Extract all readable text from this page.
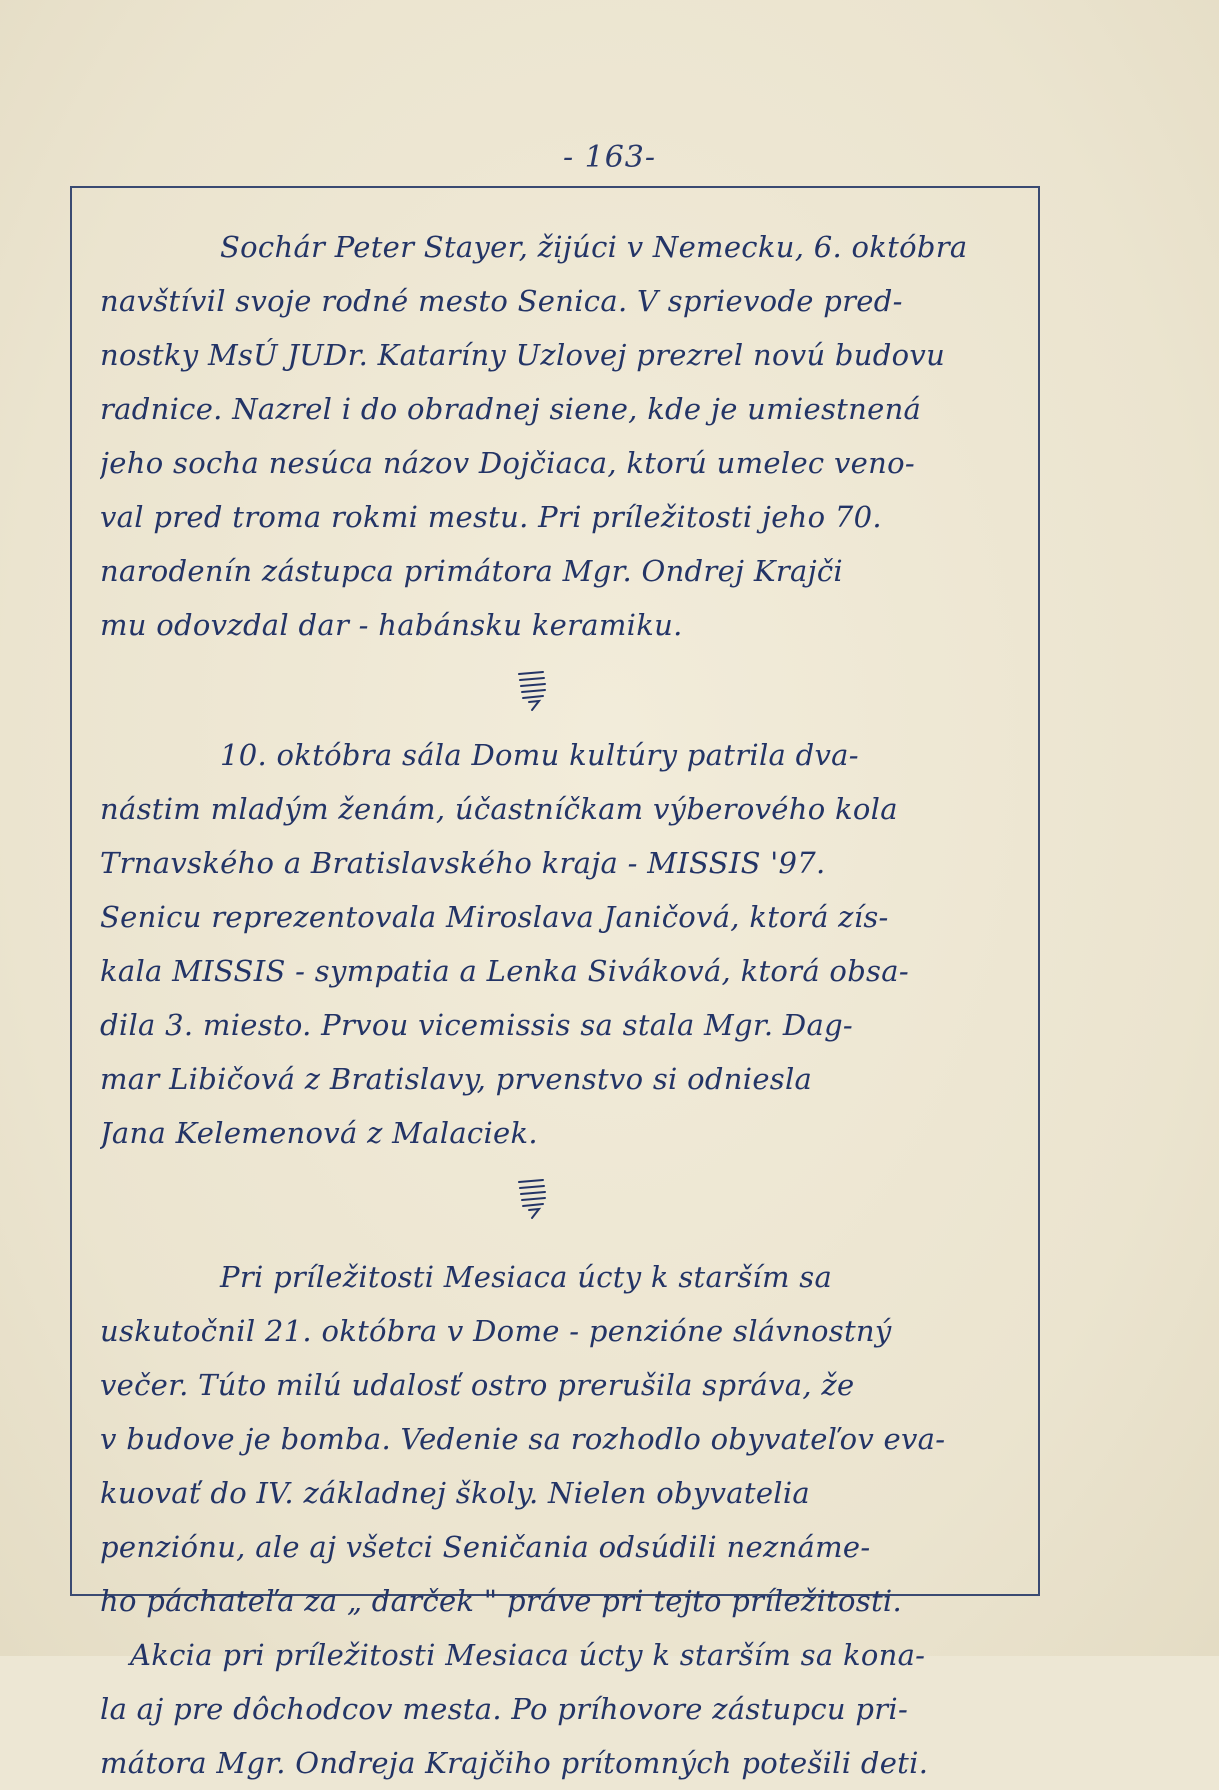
- 163-
Sochár Peter Stayer, žijúci v Nemecku, 6. októbra
navštívil svoje rodné mesto Senica. V sprievode pred-
nostky MsÚ JUDr. Kataríny Uzlovej prezrel novú budovu
radnice. Nazrel i do obradnej siene, kde je umiestnená
jeho socha nesúca názov Dojčiaca, ktorú umelec veno-
val pred troma rokmi mestu. Pri príležitosti jeho 70.
narodenín zástupca primátora Mgr. Ondrej Krajči
mu odovzdal dar - habánsku keramiku.
10. októbra sála Domu kultúry patrila dva-
nástim mladým ženám, účastníčkam výberového kola
Trnavského a Bratislavského kraja - MISSIS '97.
Senicu reprezentovala Miroslava Janičová, ktorá zís-
kala MISSIS - sympatia a Lenka Siváková, ktorá obsa-
dila 3. miesto. Prvou vicemissis sa stala Mgr. Dag-
mar Libičová z Bratislavy, prvenstvo si odniesla
Jana Kelemenová z Malaciek.
Pri príležitosti Mesiaca úcty k starším sa
uskutočnil 21. októbra v Dome - penzióne slávnostný
večer. Túto milú udalosť ostro prerušila správa, že
v budove je bomba. Vedenie sa rozhodlo obyvateľov eva-
kuovať do IV. základnej školy. Nielen obyvatelia
penziónu, ale aj všetci Seničania odsúdili neznáme-
ho páchateľa za „ darček " práve pri tejto príležitosti.
Akcia pri príležitosti Mesiaca úcty k starším sa kona-
la aj pre dôchodcov mesta. Po príhovore zástupcu pri-
mátora Mgr. Ondreja Krajčiho prítomných potešili deti.
